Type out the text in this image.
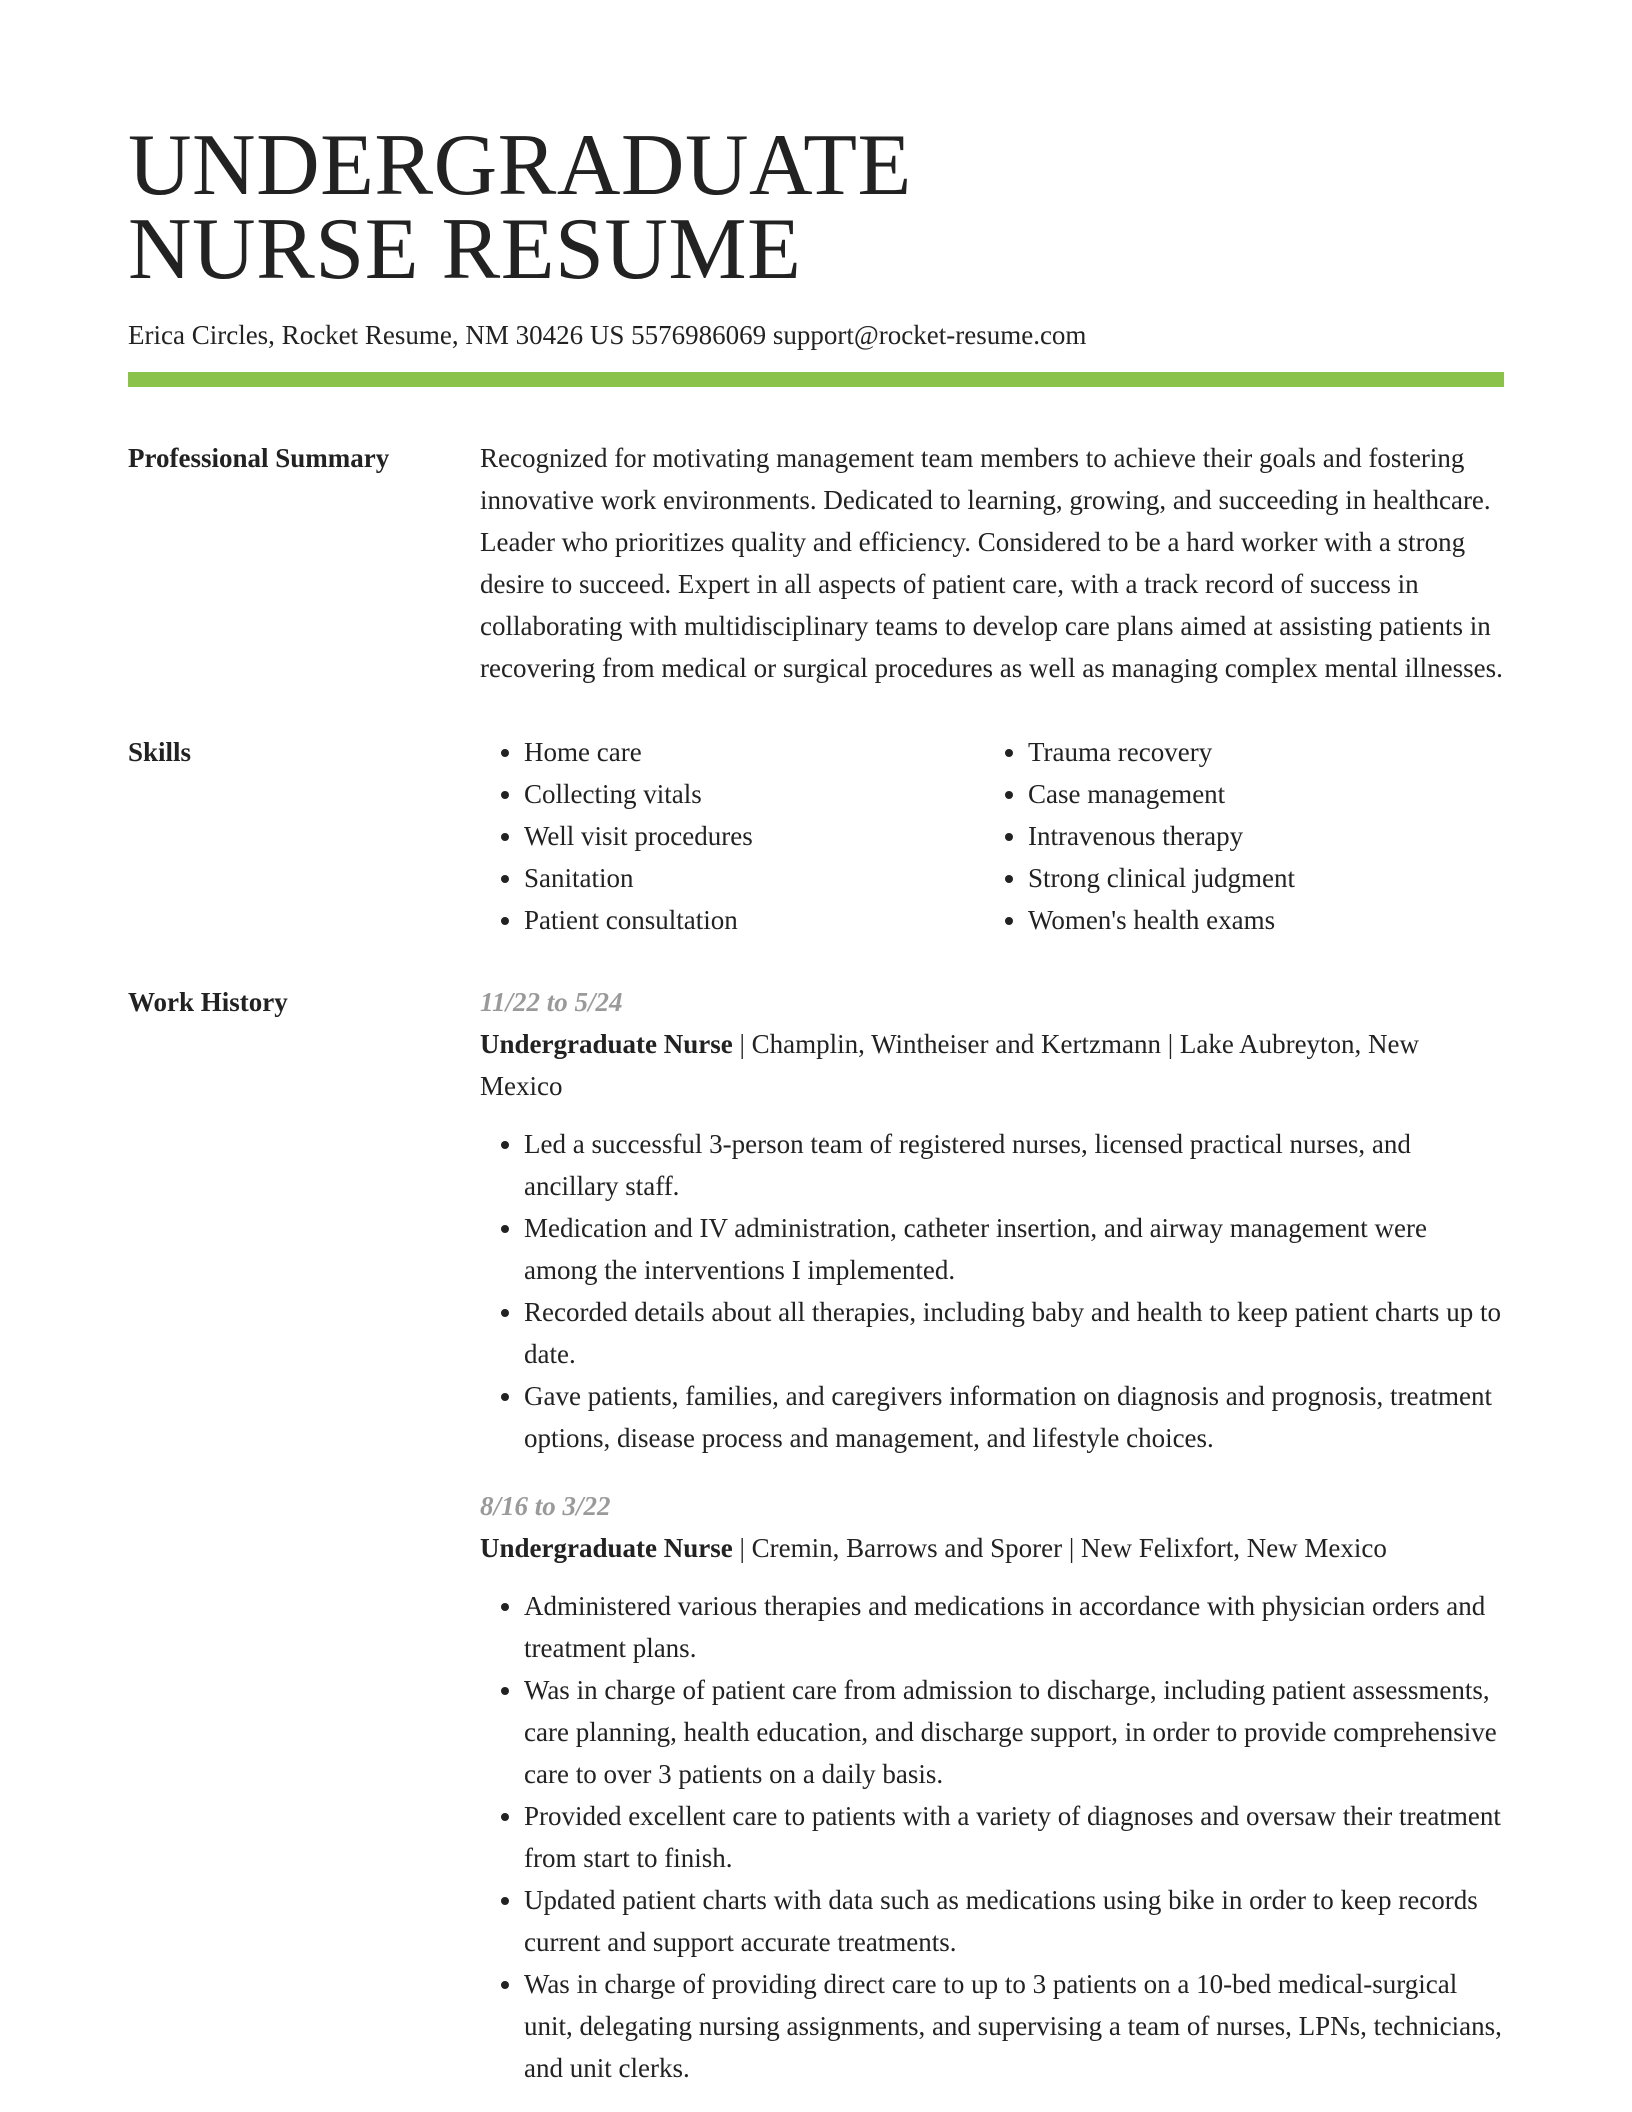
UNDERGRADUATE
NURSE RESUME
Erica Circles, Rocket Resume, NM 30426 US 5576986069 support@rocket-resume.com
Professional Summary	Recognized for motivating management team members to achieve their goals and fostering innovative work environments. Dedicated to learning, growing, and succeeding in healthcare. Leader who prioritizes quality and efficiency. Considered to be a hard worker with a strong desire to succeed. Expert in all aspects of patient care, with a track record of success in collaborating with multidisciplinary teams to develop care plans aimed at assisting patients in recovering from medical or surgical procedures as well as managing complex mental illnesses.

Skills
•	Home care
• Collecting vitals
• Well visit procedures
• Sanitation
• Patient consultation
• Trauma recovery
• Case management
• Intravenous therapy
• Strong clinical judgment
• Women's health exams
Work History	11/22 to 5/24

Undergraduate Nurse | Champlin, Wintheiser and Kertzmann | Lake Aubreyton, New Mexico

• Led a successful 3-person team of registered nurses, licensed practical nurses, and ancillary staff.
• Medication and IV administration, catheter insertion, and airway management were among the interventions I implemented.
• Recorded details about all therapies, including baby and health to keep patient charts up to date.
• Gave patients, families, and caregivers information on diagnosis and prognosis, treatment options, disease process and management, and lifestyle choices.
8/16 to 3/22

Undergraduate Nurse | Cremin, Barrows and Sporer | New Felixfort, New Mexico

• Administered various therapies and medications in accordance with physician orders and treatment plans.
• Was in charge of patient care from admission to discharge, including patient assessments, care planning, health education, and discharge support, in order to provide comprehensive care to over 3 patients on a daily basis.
• Provided excellent care to patients with a variety of diagnoses and oversaw their treatment from start to finish.
• Updated patient charts with data such as medications using bike in order to keep records current and support accurate treatments.
• Was in charge of providing direct care to up to 3 patients on a 10-bed medical-surgical unit, delegating nursing assignments, and supervising a team of nurses, LPNs, technicians, and unit clerks.
